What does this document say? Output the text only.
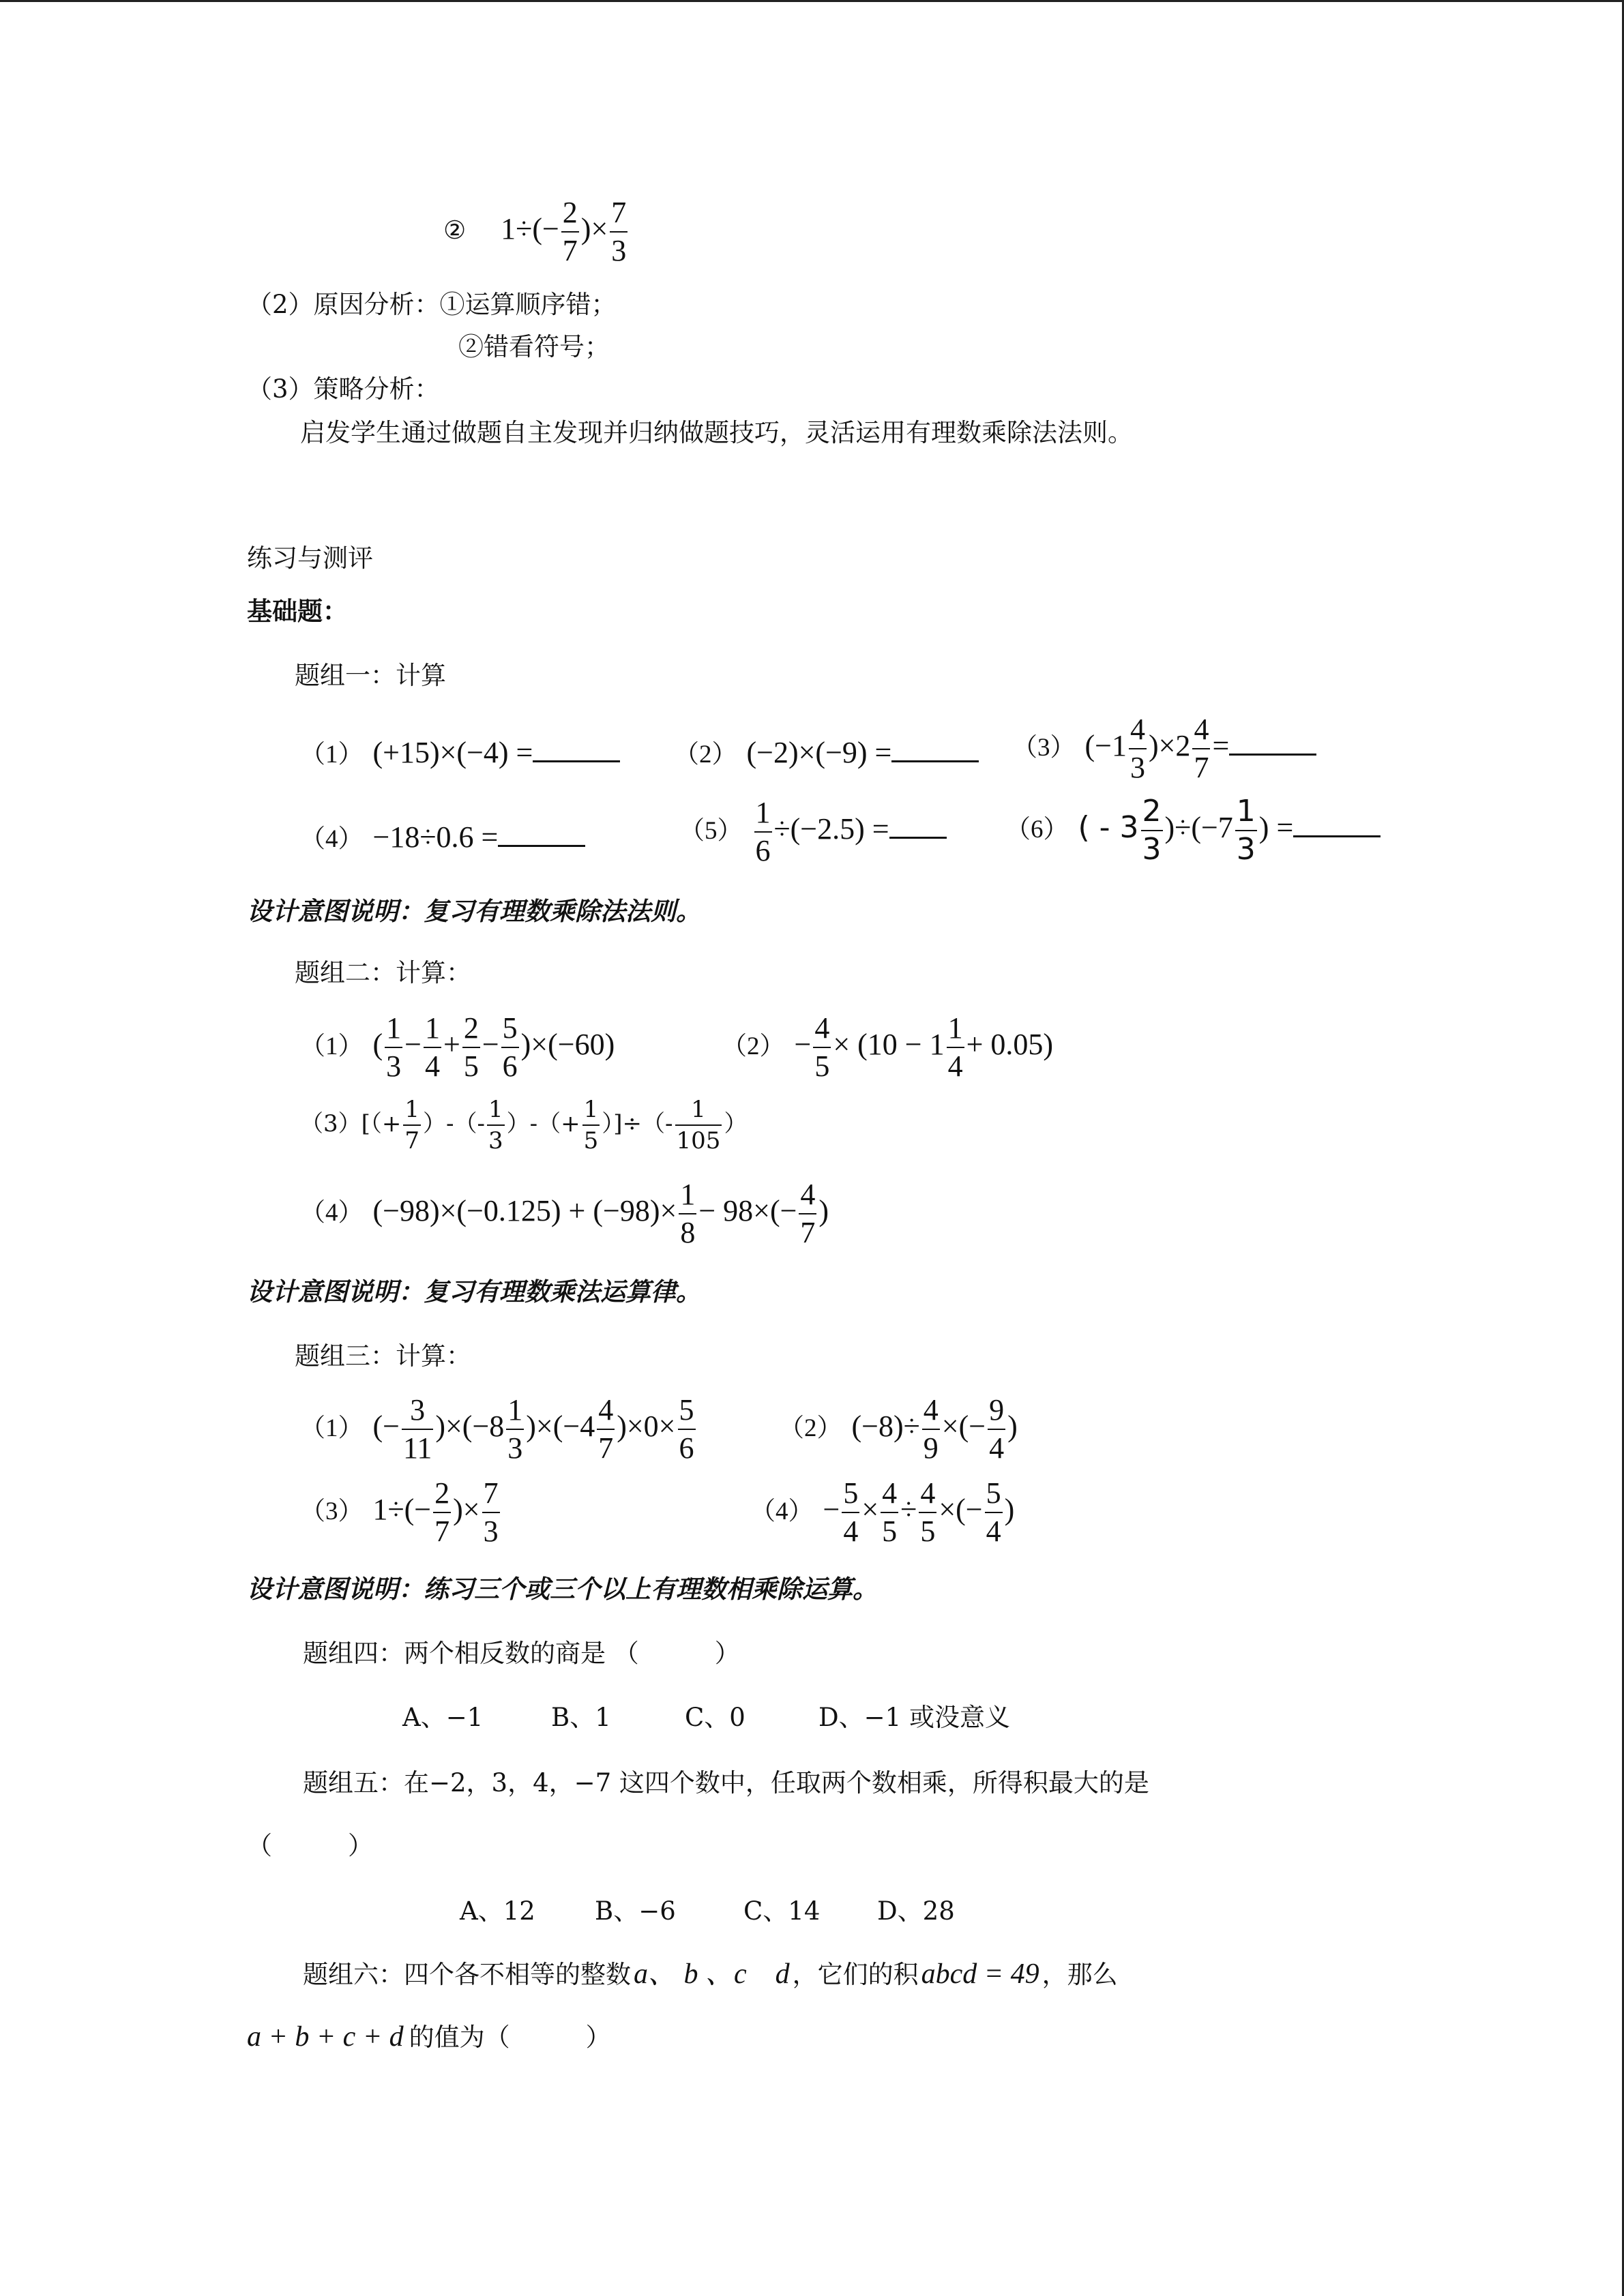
② $1\div(- \frac{2}{7}$ )× $\frac{7}{3}$
（2）原因分析：①运算顺序错；
②错看符号；
（3）策略分析：
启发学生通过做题自主发现并归纳做题技巧，灵活运用有理数乘除法法则。
练习与测评
基础题：
题组一：计算
（1） (+15)×(−4) =	（2） (−2)×(−9) =	（3） $(-1 \frac{4}{3} )\times 2 \frac{4}{7}$ =
（4） −18÷0.6 =	$(5) \frac{1}{6} \div(-2.5)$ =	（6） ( - $3 \frac{2}{3} )\div(-7 \frac{1}{3}$ ) =
设计意图说明：复习有理数乘除法法则。
题组二：计算：
（1） ( $\frac{1}{3} - \frac{1}{4} + \frac{2}{5} - \frac{5}{6} )\times(-60)$	$(2) - \frac{4}{5} \times (10 - 1 \frac{1}{4} + 0.05)$
$(3)[(+ \frac{1}{7}$ ）-（- $\frac{1}{3}$ ）-（+ $\frac{1}{5}$ ）]÷（- $\frac{1}{105}$ ）
（4） $(-98)\times(-0.125) + (-98)\times \frac{1}{8} - 98\times(- \frac{4}{7}$ )
设计意图说明：复习有理数乘法运算律。
题组三：计算：
（1） (− $\frac{3}{11} )\times(-8 \frac{1}{3} )\times(-4 \frac{4}{7} )\times 0\times \frac{5}{6}$	（2） $(-8)\div \frac{4}{9}$ ×(− $\frac{9}{4}$ )
（3） $1\div(- \frac{2}{7}$ )× $\frac{7}{3}$	$(4) - \frac{5}{4} \times \frac{4}{5} \div \frac{4}{5}$ ×(− $\frac{5}{4}$ )
设计意图说明：练习三个或三个以上有理数相乘除运算。
题组四：两个相反数的商是 （　　　）
A、−1	B、1	C、0	D、−1 或没意义
题组五：在−2，3，4，−7 这四个数中，任取两个数相乘，所得积最大的是
（　　　）
A、12 B、−6	C、14 D、28
题组六：四个各不相等的整数a、 b 、c　d ，它们的积abcd = 49 ，那么
a + b + c + d 的值为（　　　）
